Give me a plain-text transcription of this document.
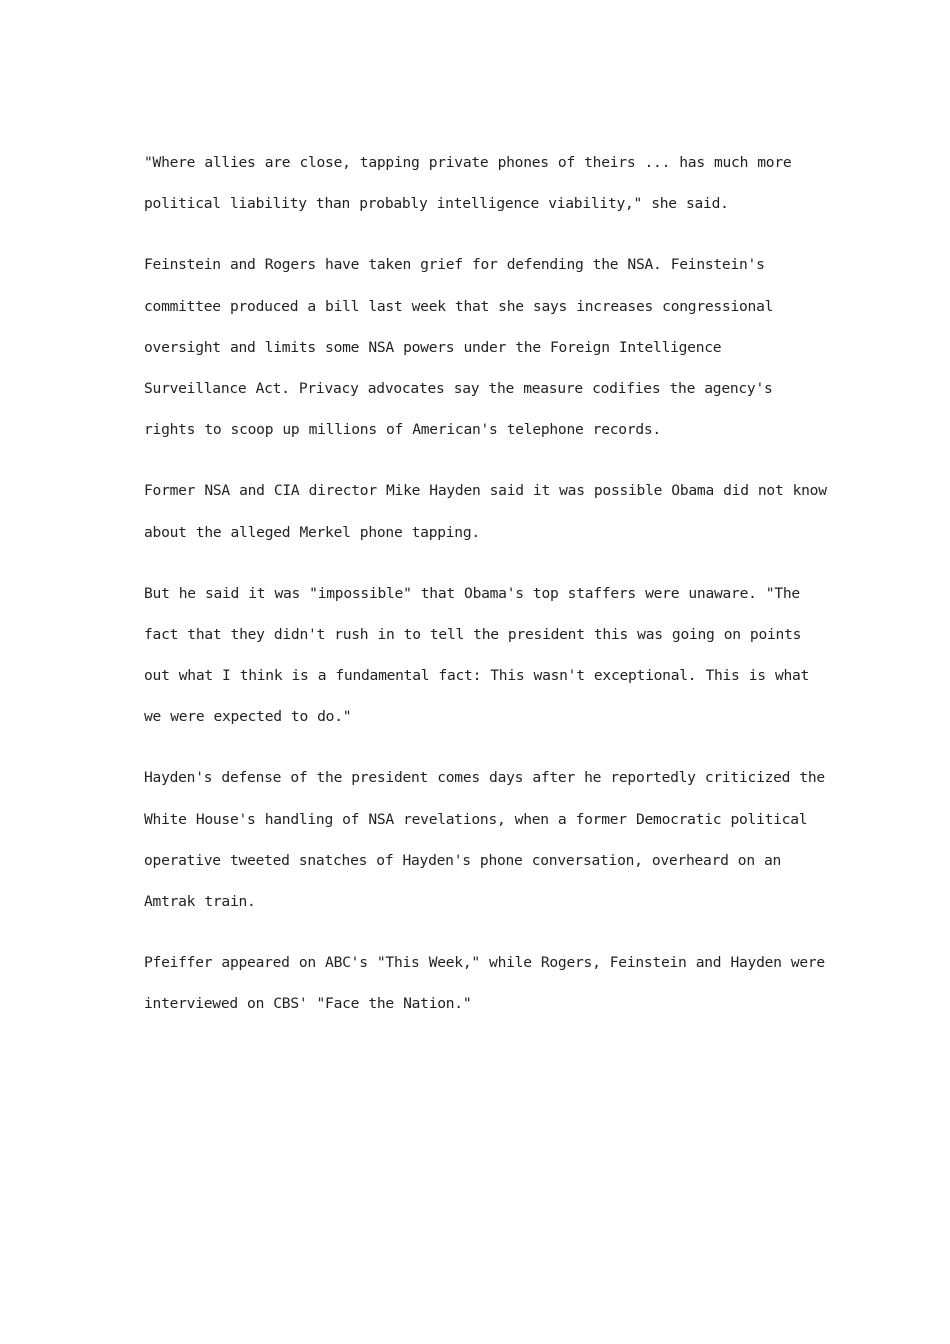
"Where allies are close, tapping private phones of theirs ... has much more
political liability than probably intelligence viability," she said.

Feinstein and Rogers have taken grief for defending the NSA. Feinstein's
committee produced a bill last week that she says increases congressional
oversight and limits some NSA powers under the Foreign Intelligence
Surveillance Act. Privacy advocates say the measure codifies the agency's
rights to scoop up millions of American's telephone records.

Former NSA and CIA director Mike Hayden said it was possible Obama did not know
about the alleged Merkel phone tapping.

But he said it was "impossible" that Obama's top staffers were unaware. "The
fact that they didn't rush in to tell the president this was going on points
out what I think is a fundamental fact: This wasn't exceptional. This is what
we were expected to do."

Hayden's defense of the president comes days after he reportedly criticized the
White House's handling of NSA revelations, when a former Democratic political
operative tweeted snatches of Hayden's phone conversation, overheard on an
Amtrak train.

Pfeiffer appeared on ABC's "This Week," while Rogers, Feinstein and Hayden were
interviewed on CBS' "Face the Nation."
